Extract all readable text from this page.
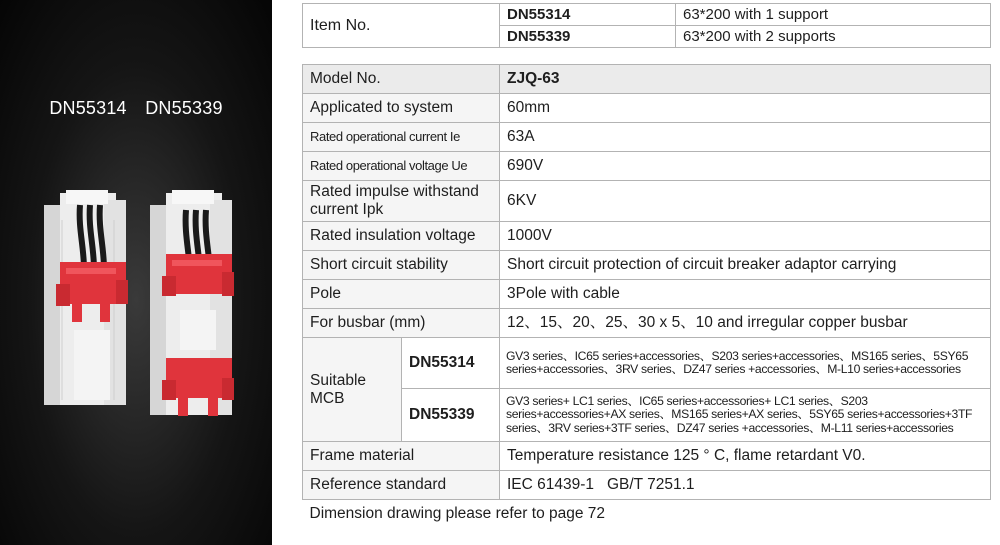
DN55314 DN55339
Item No.	DN55314	63*200 with 1 support
	DN55339	63*200 with 2 supports
Model No.		ZJQ-63
Applicated to system		60mm
Rated operational current Ie		63A
Rated operational voltage Ue		690V
Rated impulse withstand current Ipk		6KV
Rated insulation voltage		1000V
Short circuit stability		Short circuit protection of circuit breaker adaptor carrying
Pole		3Pole with cable
For busbar (mm)		12、15、20、25、30 x 5、10 and irregular copper busbar
Suitable MCB	DN55314	GV3 series、IC65 series+accessories、S203 series+accessories、MS165 series、5SY65 series+accessories、3RV series、DZ47 series +accessories、M-L10 series+accessories
	DN55339	GV3 series+ LC1 series、IC65 series+accessories+ LC1 series、S203 series+accessories+AX series、MS165 series+AX series、5SY65 series+accessories+3TF series、3RV series+3TF series、DZ47 series +accessories、M-L11 series+accessories
Frame material		Temperature resistance 125 ° C, flame retardant V0.
Reference standard		IEC 61439-1   GB/T 7251.1
Dimension drawing please refer to page 72		
